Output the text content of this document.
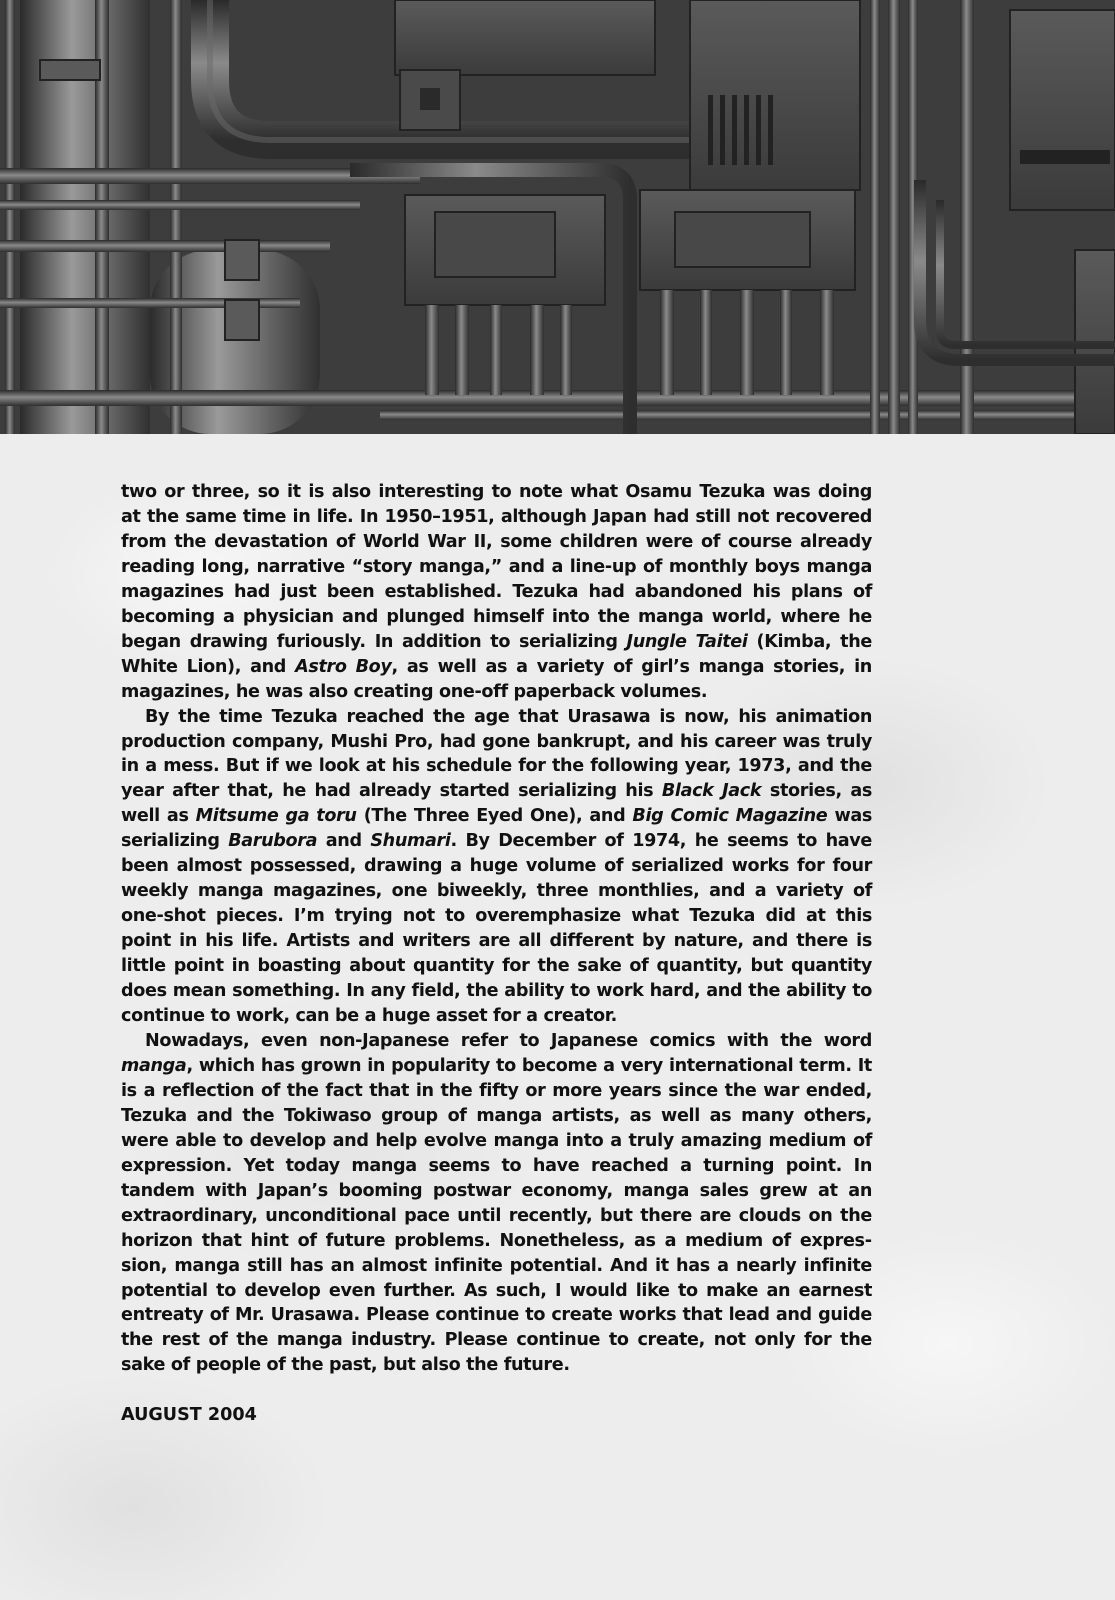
two or three, so it is also interesting to note what Osamu Tezuka was doing at the same time in life. In 1950–1951, although Japan had still not recovered from the devastation of World War II, some children were of course already reading long, narrative “story manga,” and a line-up of monthly boys manga magazines had just been established. Tezuka had abandoned his plans of becoming a physician and plunged himself into the manga world, where he began drawing furiously. In addition to serializing Jungle Taitei (Kimba, the White Lion), and Astro Boy, as well as a variety of girl’s manga stories, in magazines, he was also creating one-off paperback volumes.

By the time Tezuka reached the age that Urasawa is now, his animation production company, Mushi Pro, had gone bankrupt, and his career was truly in a mess. But if we look at his schedule for the following year, 1973, and the year after that, he had already started serializing his Black Jack stories, as well as Mitsume ga toru (The Three Eyed One), and Big Comic Magazine was serializing Barubora and Shumari. By December of 1974, he seems to have been almost possessed, drawing a huge volume of serialized works for four weekly manga magazines, one biweekly, three monthlies, and a variety of one-shot pieces. I’m trying not to overemphasize what Tezuka did at this point in his life. Artists and writers are all different by nature, and there is little point in boasting about quantity for the sake of quantity, but quantity does mean something. In any field, the ability to work hard, and the ability to continue to work, can be a huge asset for a creator.

Nowadays, even non-Japanese refer to Japanese comics with the word manga, which has grown in popularity to become a very international term. It is a reflection of the fact that in the fifty or more years since the war ended, Tezuka and the Tokiwaso group of manga artists, as well as many others, were able to develop and help evolve manga into a truly amazing medium of expression. Yet today manga seems to have reached a turning point. In tandem with Japan’s booming postwar economy, manga sales grew at an extraordinary, unconditional pace until recently, but there are clouds on the horizon that hint of future problems. Nonetheless, as a medium of expression, manga still has an almost infinite potential. And it has a nearly infinite potential to develop even further. As such, I would like to make an earnest entreaty of Mr. Urasawa. Please continue to create works that lead and guide the rest of the manga industry. Please continue to create, not only for the sake of people of the past, but also the future.

AUGUST 2004
